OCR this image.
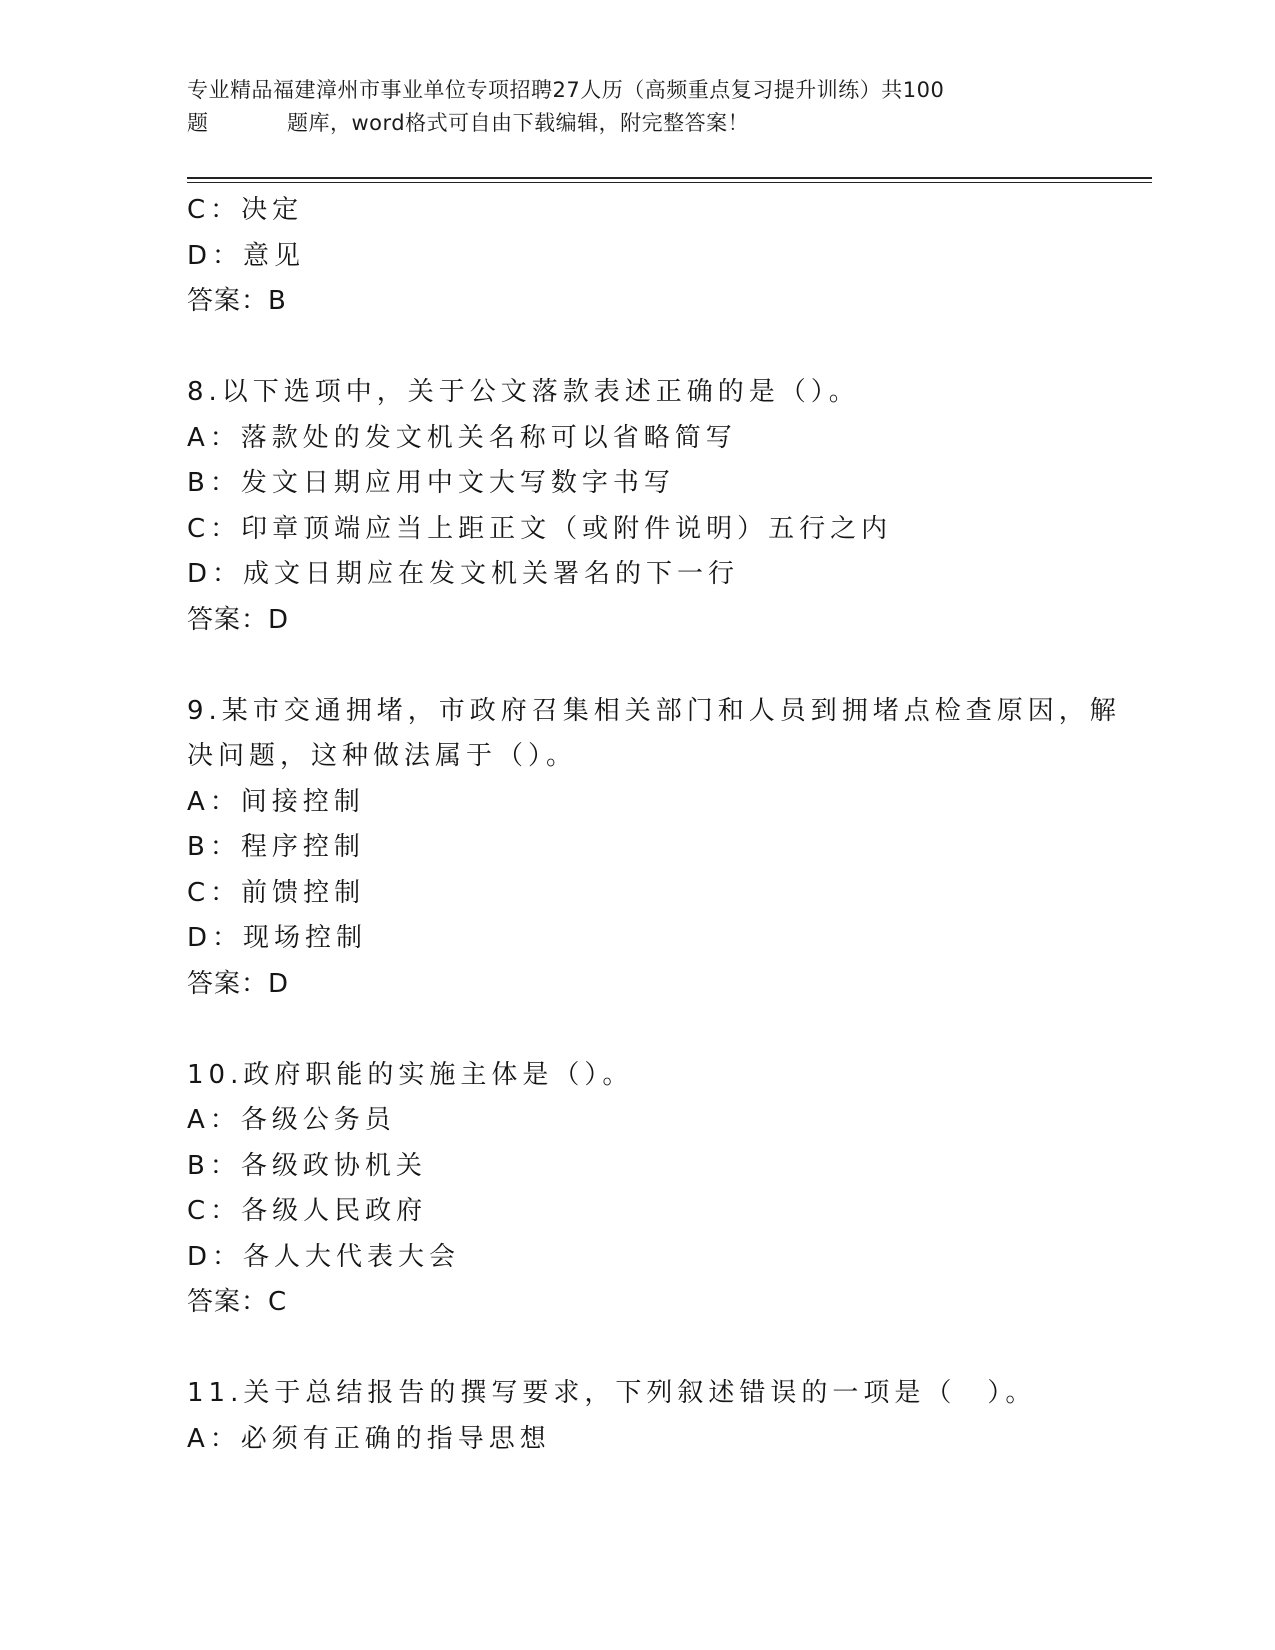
专业精品福建漳州市事业单位专项招聘27人历（高频重点复习提升训练）共100
题	题库，word格式可自由下载编辑，附完整答案！
C：决定
D：意见
答案：B
8.以下选项中，关于公文落款表述正确的是（）。
A：落款处的发文机关名称可以省略简写
B：发文日期应用中文大写数字书写
C：印章顶端应当上距正文（或附件说明）五行之内
D：成文日期应在发文机关署名的下一行
答案：D
9.某市交通拥堵，市政府召集相关部门和人员到拥堵点检查原因，解
决问题，这种做法属于（）。
A：间接控制
B：程序控制
C：前馈控制
D：现场控制
答案：D
10.政府职能的实施主体是（）。
A：各级公务员
B：各级政协机关
C：各级人民政府
D：各人大代表大会
答案：C
11.关于总结报告的撰写要求，下列叙述错误的一项是（　）。
A：必须有正确的指导思想
